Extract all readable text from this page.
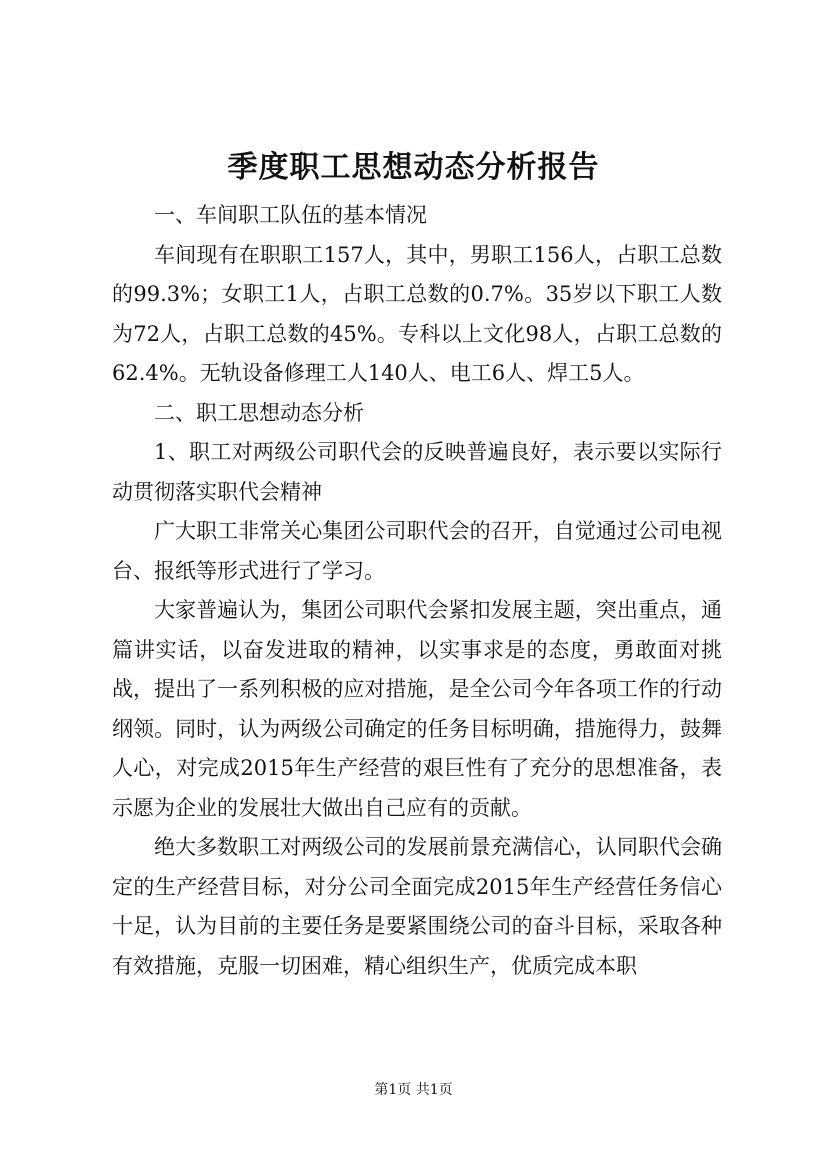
季度职工思想动态分析报告

一、车间职工队伍的基本情况

车间现有在职职工157人，其中，男职工156人，占职工总数的99.3%；女职工1人，占职工总数的0.7%。35岁以下职工人数为72人，占职工总数的45%。专科以上文化98人，占职工总数的62.4%。无轨设备修理工人140人、电工6人、焊工5人。

二、职工思想动态分析

1、职工对两级公司职代会的反映普遍良好，表示要以实际行动贯彻落实职代会精神

广大职工非常关心集团公司职代会的召开，自觉通过公司电视台、报纸等形式进行了学习。

大家普遍认为，集团公司职代会紧扣发展主题，突出重点，通篇讲实话，以奋发进取的精神，以实事求是的态度，勇敢面对挑战，提出了一系列积极的应对措施，是全公司今年各项工作的行动纲领。同时，认为两级公司确定的任务目标明确，措施得力，鼓舞人心，对完成2015年生产经营的艰巨性有了充分的思想准备，表示愿为企业的发展壮大做出自己应有的贡献。

绝大多数职工对两级公司的发展前景充满信心，认同职代会确定的生产经营目标，对分公司全面完成2015年生产经营任务信心十足，认为目前的主要任务是要紧围绕公司的奋斗目标，采取各种有效措施，克服一切困难，精心组织生产，优质完成本职

第1页 共1页
